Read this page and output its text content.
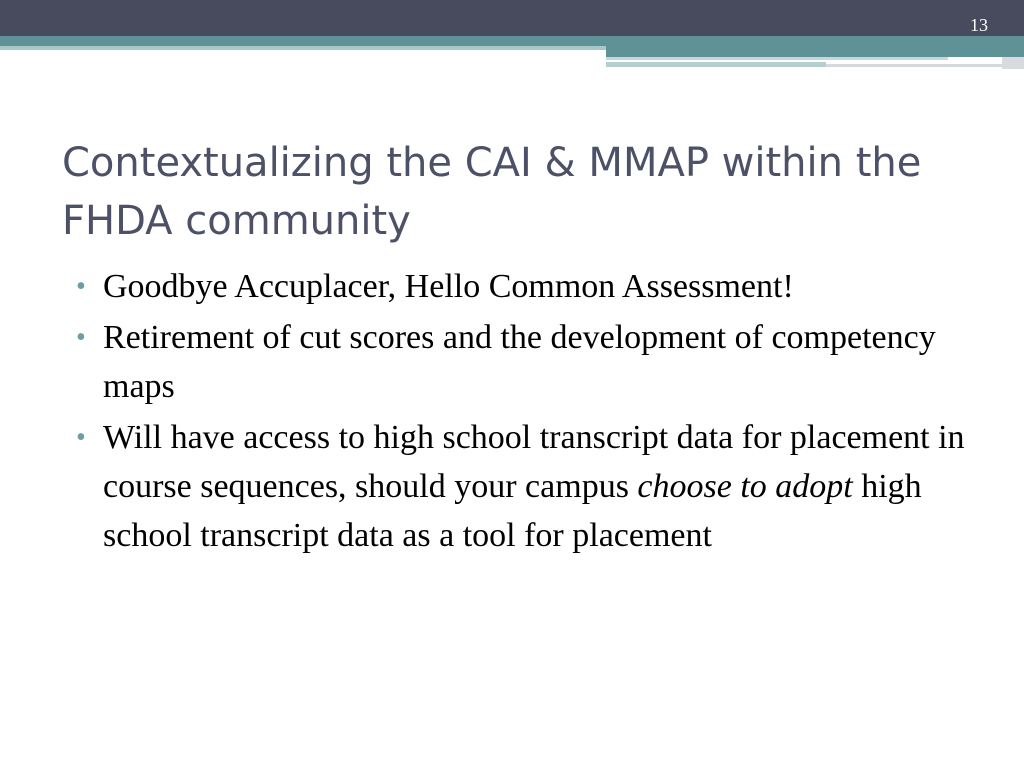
13
Contextualizing the CAI & MMAP within the FHDA community
• Goodbye Accuplacer, Hello Common Assessment!
• Retirement of cut scores and the development of competency maps
• Will have access to high school transcript data for placement in course sequences, should your campus choose to adopt high school transcript data as a tool for placement
